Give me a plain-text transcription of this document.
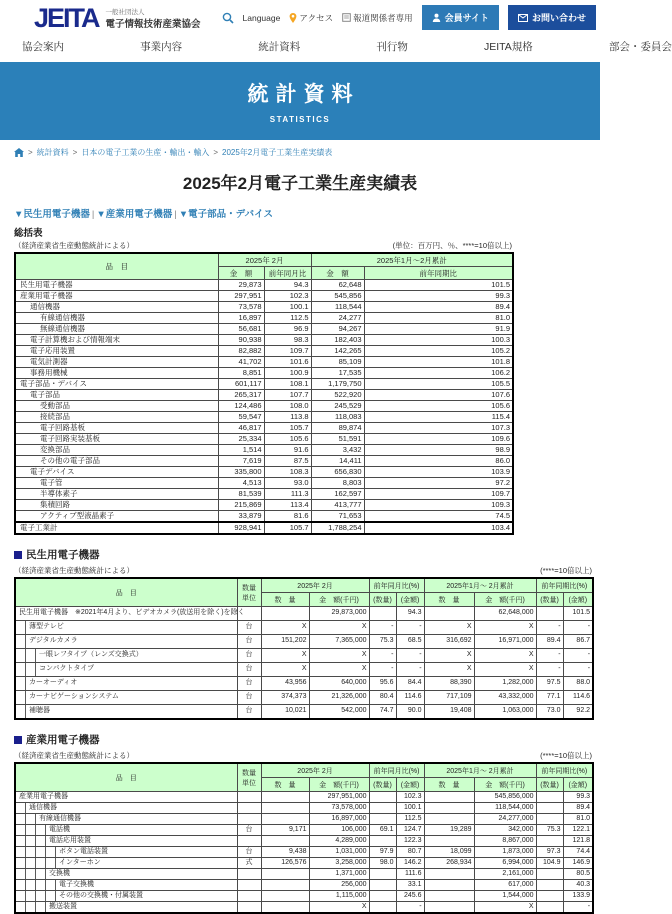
JEITA 一般社団法人
電子情報技術産業協会
Language アクセス 報道関係者専用	会員サイト	お問い合わせ
協会案内	事業内容	統計資料	刊行物	JEITA規格	部会・委員会
統計資料
STATISTICS
> 統計資料 > 日本の電子工業の生産・輸出・輸入 > 2025年2月電子工業生産実績表
2025年2月電子工業生産実績表
▼民生用電子機器 | ▼産業用電子機器 | ▼電子部品・デバイス
総括表
（経済産業省生産動態統計による）	(単位：百万円、％、****=10倍以上)
品　目	2025年 2月		2025年1月～2月累計	
	金　額	前年同月比	金　額	前年同期比
民生用電子機器	29,873	94.3	62,648	101.5
産業用電子機器	297,951	102.3	545,856	99.3
通信機器	73,578	100.1	118,544	89.4
有線通信機器	16,897	112.5	24,277	81.0
無線通信機器	56,681	96.9	94,267	91.9
電子計算機および情報端末	90,938	98.3	182,403	100.3
電子応用装置	82,882	109.7	142,265	105.2
電気計測器	41,702	101.6	85,109	101.8
事務用機械	8,851	100.9	17,535	106.2
電子部品・デバイス	601,117	108.1	1,179,750	105.5
電子部品	265,317	107.7	522,920	107.6
受動部品	124,486	108.0	245,529	105.6
接続部品	59,547	113.8	118,083	115.4
電子回路基板	46,817	105.7	89,874	107.3
電子回路実装基板	25,334	105.6	51,591	109.6
変換部品	1,514	91.6	3,432	98.9
その他の電子部品	7,619	87.5	14,411	86.0
電子デバイス	335,800	108.3	656,830	103.9
電子管	4,513	93.0	8,803	97.2
半導体素子	81,539	111.3	162,597	109.7
集積回路	215,869	113.4	413,777	109.3
アクティブ型液晶素子	33,879	81.6	71,653	74.5
電子工業計	928,941	105.7	1,788,254	103.4
民生用電子機器
（経済産業省生産動態統計による）	(****=10倍以上)
品　目	数量
単位	2025年 2月		前年同月比(%)		2025年1月～ 2月累計		前年同期比(%)	
		数　量	金　額(千円)	(数量)	(金額)	数　量	金　額(千円)	(数量)	(金額)

民生用電子機器　※2021年4月より、ビデオカメラ(放送用を除く)を除く			29,873,000		94.3		62,648,000		101.5

薄型テレビ	台	X	X	-	-	X	X	-	-

デジタルカメラ	台	151,202	7,365,000	75.3	68.5	316,692	16,971,000	89.4	86.7

一眼レフタイプ（レンズ交換式）	台	X	X	-	-	X	X	-	-

コンパクトタイプ	台	X	X	-	-	X	X	-	-

カーオーディオ	台	43,956	640,000	95.6	84.4	88,390	1,282,000	97.5	88.0

カーナビゲーションシステム	台	374,373	21,326,000	80.4	114.6	717,109	43,332,000	77.1	114.6

補聴器	台	10,021	542,000	74.7	90.0	19,408	1,063,000	73.0	92.2
産業用電子機器
（経済産業省生産動態統計による）	(****=10倍以上)
品　目	数量
単位	2025年 2月		前年同月比(%)		2025年1月～ 2月累計		前年同期比(%)	
		数　量	金　額(千円)	(数量)	(金額)	数　量	金　額(千円)	(数量)	(金額)

産業用電子機器			297,951,000		102.3		545,856,000		99.3

通信機器			73,578,000		100.1		118,544,000		89.4

有線通信機器			16,897,000		112.5		24,277,000		81.0

電話機	台	9,171	106,000	69.1	124.7	19,289	342,000	75.3	122.1

電話応用装置			4,289,000		122.3		8,867,000		121.8

ボタン電話装置	台	9,438	1,031,000	97.9	80.7	18,099	1,873,000	97.3	74.4

インターホン	式	126,576	3,258,000	98.0	146.2	268,934	6,994,000	104.9	146.9

交換機			1,371,000		111.6		2,161,000		80.5

電子交換機			256,000		33.1		617,000		40.3

その他の交換機・付属装置			1,115,000		245.6		1,544,000		133.9

搬送装置			X		-		X		-
